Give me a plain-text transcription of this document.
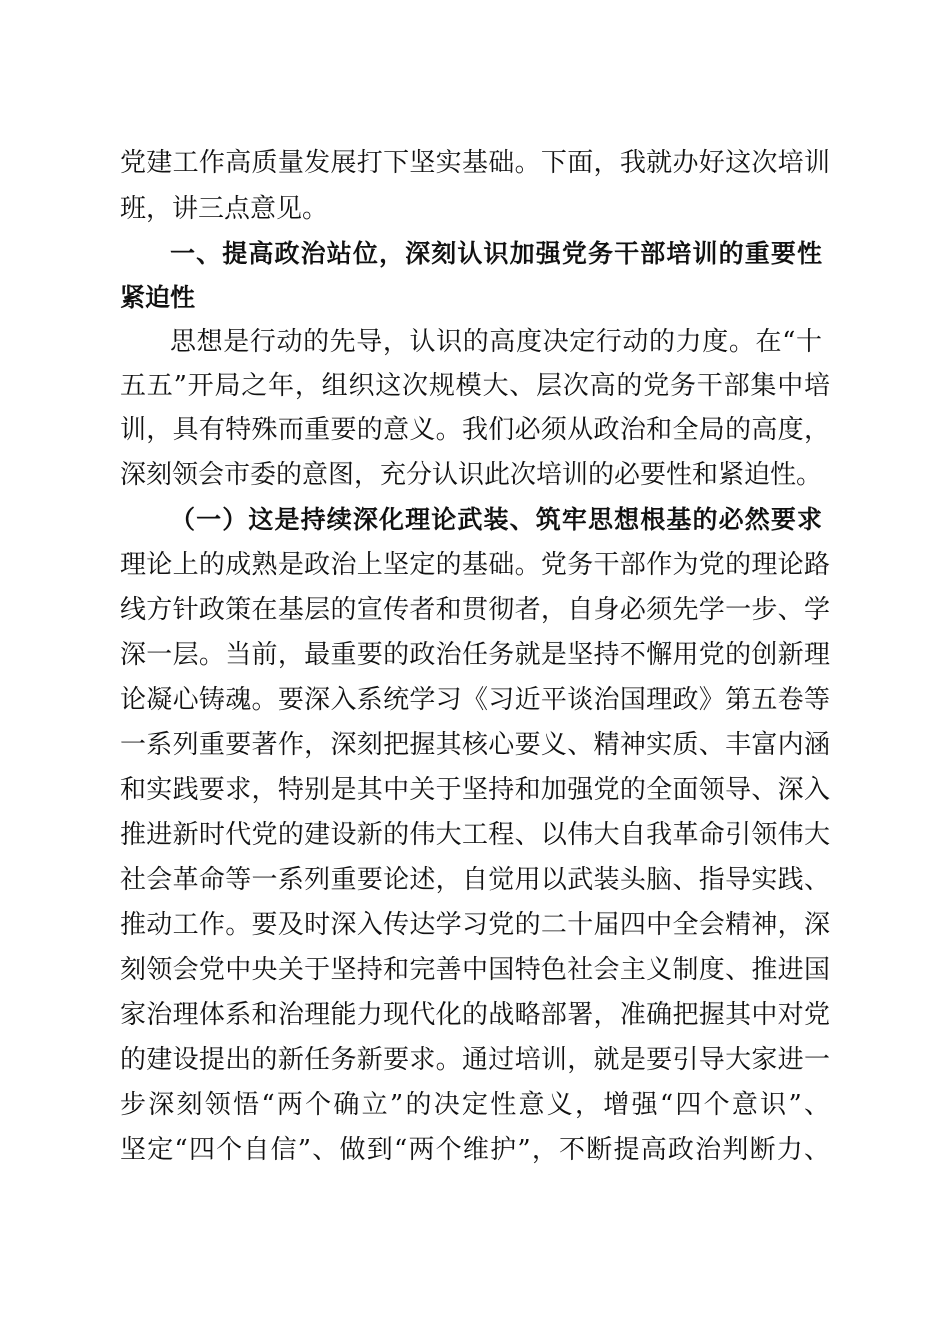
党建工作高质量发展打下坚实基础。下面，我就办好这次培训
班，讲三点意见。
一、提高政治站位，深刻认识加强党务干部培训的重要性
紧迫性
思想是行动的先导，认识的高度决定行动的力度。在“十
五五”开局之年，组织这次规模大、层次高的党务干部集中培
训，具有特殊而重要的意义。我们必须从政治和全局的高度，
深刻领会市委的意图，充分认识此次培训的必要性和紧迫性。
（一）这是持续深化理论武装、筑牢思想根基的必然要求
理论上的成熟是政治上坚定的基础。党务干部作为党的理论路
线方针政策在基层的宣传者和贯彻者，自身必须先学一步、学
深一层。当前，最重要的政治任务就是坚持不懈用党的创新理
论凝心铸魂。要深入系统学习《习近平谈治国理政》第五卷等
一系列重要著作，深刻把握其核心要义、精神实质、丰富内涵
和实践要求，特别是其中关于坚持和加强党的全面领导、深入
推进新时代党的建设新的伟大工程、以伟大自我革命引领伟大
社会革命等一系列重要论述，自觉用以武装头脑、指导实践、
推动工作。要及时深入传达学习党的二十届四中全会精神，深
刻领会党中央关于坚持和完善中国特色社会主义制度、推进国
家治理体系和治理能力现代化的战略部署，准确把握其中对党
的建设提出的新任务新要求。通过培训，就是要引导大家进一
步深刻领悟“两个确立”的决定性意义，增强“四个意识”、
坚定“四个自信”、做到“两个维护”，不断提高政治判断力、
